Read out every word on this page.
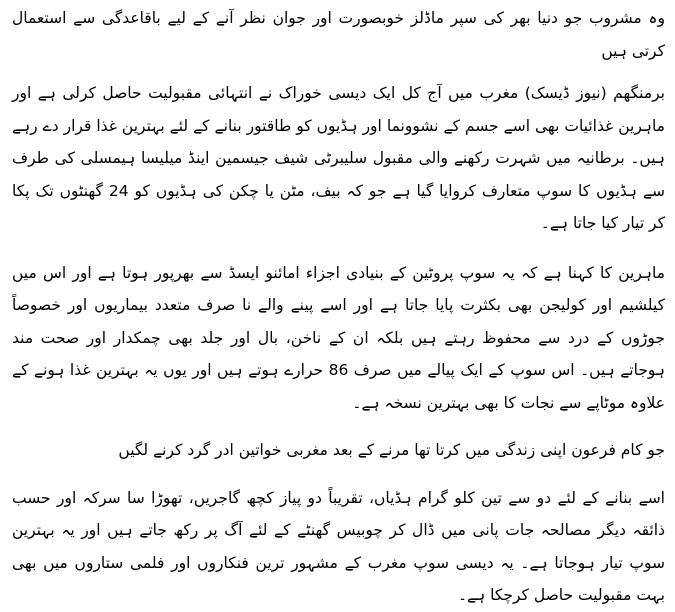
وہ مشروب جو دنیا بھر کی سپر ماڈلز خوبصورت اور جوان نظر آنے کے لیے باقاعدگی سے استعمال کرتی ہیں

برمنگھم (نیوز ڈیسک) مغرب میں آج کل ایک دیسی خوراک نے انتہائی مقبولیت حاصل کرلی ہے اور ماہرین غذائیات بھی اسے جسم کے نشوونما اور ہڈیوں کو طاقتور بنانے کے لئے بہترین غذا قرار دے رہے ہیں۔ برطانیہ میں شہرت رکھنے والی مقبول سلیبرٹی شیف جیسمین اینڈ میلیسا ہیمسلی کی طرف سے ہڈیوں کا سوپ متعارف کروایا گیا ہے جو کہ بیف، مٹن یا چکن کی ہڈیوں کو 24 گھنٹوں تک پکا کر تیار کیا جاتا ہے۔

ماہرین کا کہنا ہے کہ یہ سوپ پروٹین کے بنیادی اجزاء امائنو ایسڈ سے بھرپور ہوتا ہے اور اس میں کیلشیم اور کولیجن بھی بکثرت پایا جاتا ہے اور اسے پینے والے نا صرف متعدد بیماریوں اور خصوصاً جوڑوں کے درد سے محفوظ رہتے ہیں بلکہ ان کے ناخن، بال اور جلد بھی چمکدار اور صحت مند ہوجاتے ہیں۔ اس سوپ کے ایک پیالے میں صرف 86 حرارے ہوتے ہیں اور یوں یہ بہترین غذا ہونے کے علاوہ موٹاپے سے نجات کا بھی بہترین نسخہ ہے۔

جو کام فرعون اپنی زندگی میں کرتا تھا مرنے کے بعد مغربی خواتین ادر گرد کرنے لگیں

اسے بنانے کے لئے دو سے تین کلو گرام ہڈیاں، تقریباً دو پیاز کچھ گاجریں، تھوڑا سا سرکہ اور حسب ذائقہ دیگر مصالحہ جات پانی میں ڈال کر چوبیس گھنٹے کے لئے آگ پر رکھ جاتے ہیں اور یہ بہترین سوپ تیار ہوجاتا ہے۔ یہ دیسی سوپ مغرب کے مشہور ترین فنکاروں اور فلمی ستاروں میں بھی بہت مقبولیت حاصل کرچکا ہے۔
